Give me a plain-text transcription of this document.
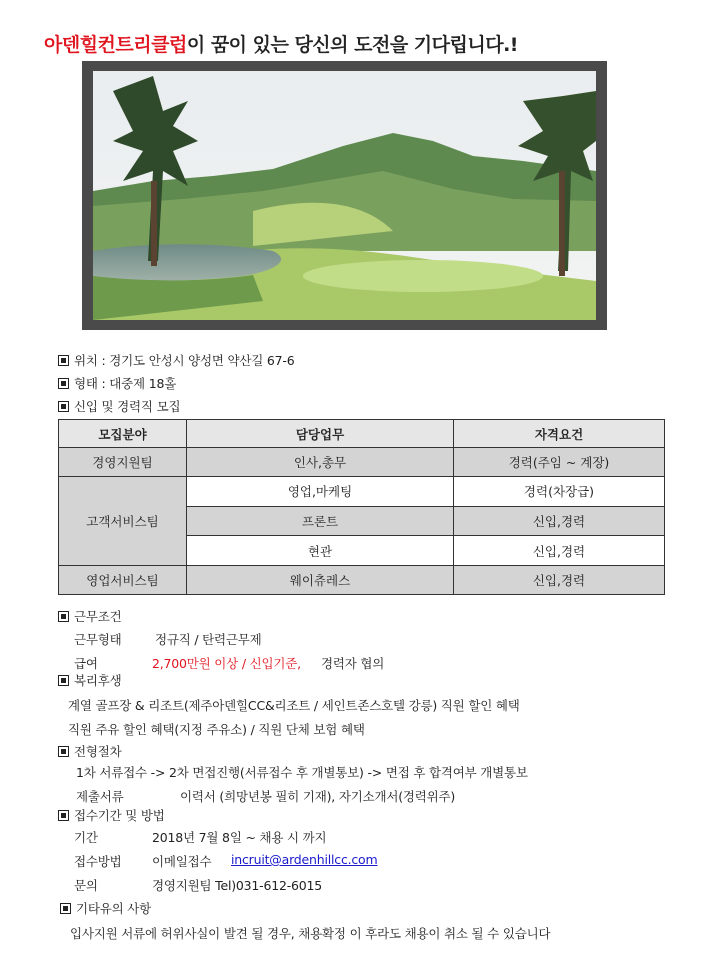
아덴힐컨트리클럽이 꿈이 있는 당신의 도전을 기다립니다.!
위치 : 경기도 안성시 양성면 약산길 67-6
형태 : 대중제 18홀
신입 및 경력직 모집
모집분야	담당업무	자격요건
경영지원팀	인사,총무	경력(주임 ~ 계장)
고객서비스팀	영업,마케팅	경력(차장급)
	프론트	신입,경력
	현관	신입,경력
영업서비스팀	웨이츄레스	신입,경력
근무조건
근무형태	정규직 / 탄력근무제
급여	2,700만원 이상 / 신입기준, 경력자 협의
복리후생
계열 골프장 & 리조트(제주아덴힐CC&리조트 / 세인트존스호텔 강릉) 직원 할인 혜택
직원 주유 할인 혜택(지정 주유소) / 직원 단체 보험 혜택
전형절차
1차 서류접수 -> 2차 면접진행(서류접수 후 개별통보) -> 면접 후 합격여부 개별통보
제출서류	이력서 (희망년봉 필히 기재), 자기소개서(경력위주)
접수기간 및 방법
기간	2018년 7월 8일 ~ 채용 시 까지
접수방법 이메일접수 incruit@ardenhillcc.com
문의	경영지원팀 Tel)031-612-6015
기타유의 사항
입사지원 서류에 허위사실이 발견 될 경우, 채용확정 이 후라도 채용이 취소 될 수 있습니다
